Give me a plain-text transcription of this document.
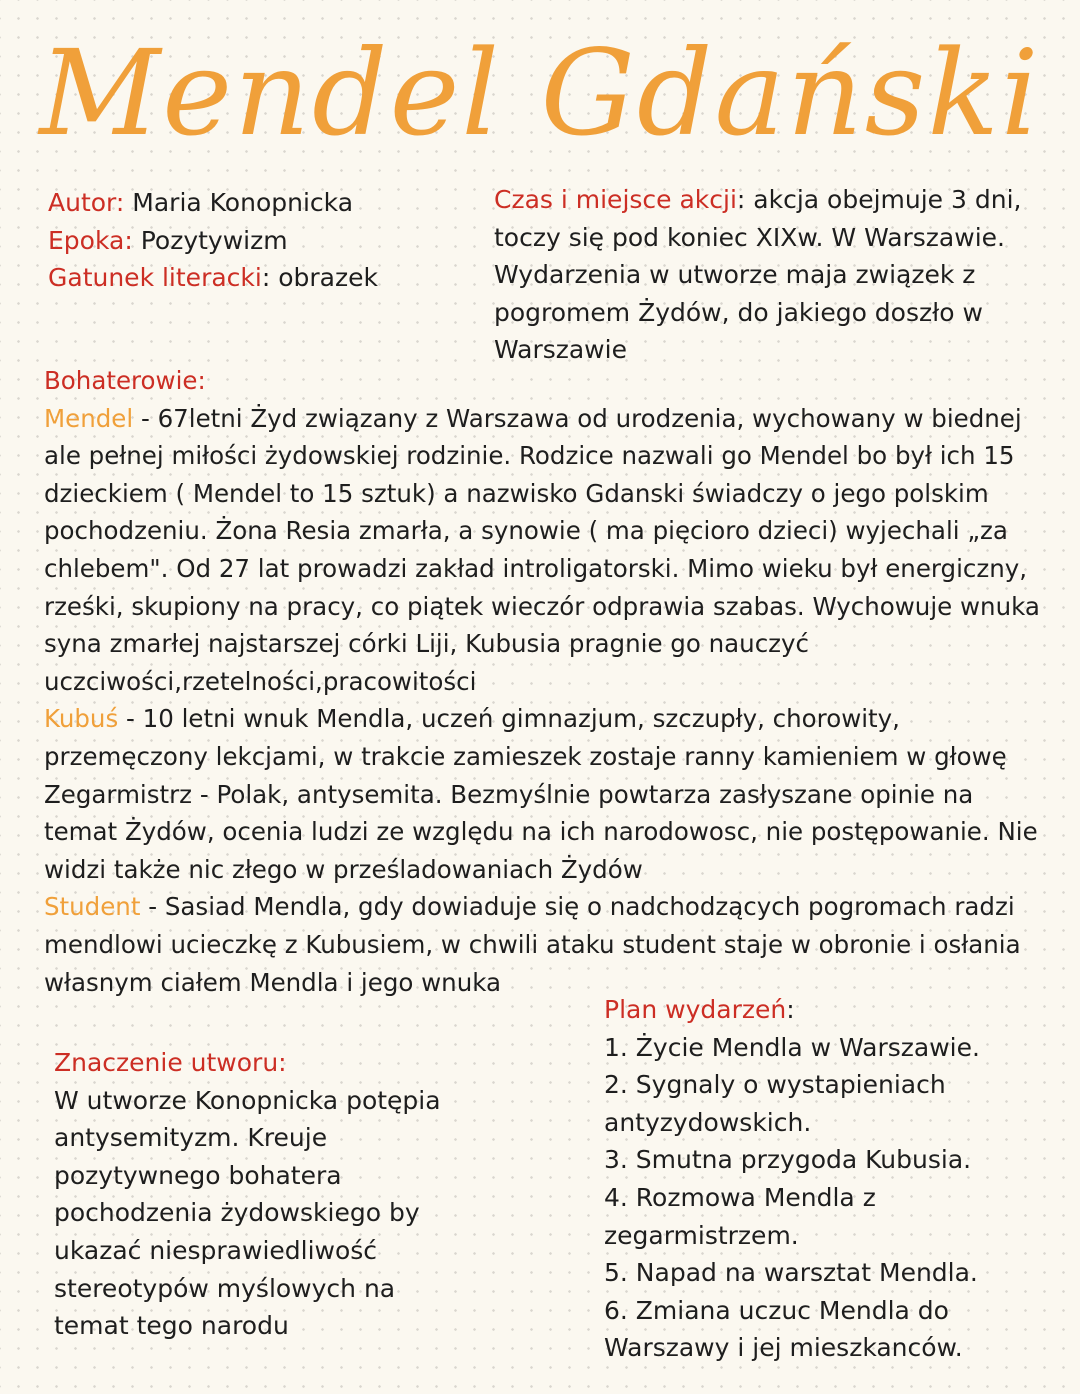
Mendel Gdański
Autor: Maria Konopnicka
Epoka: Pozytywizm
Gatunek literacki: obrazek
Czas i miejsce akcji: akcja obejmuje 3 dni,
toczy się pod koniec XIXw. W Warszawie.
Wydarzenia w utworze maja związek z
pogromem Żydów, do jakiego doszło w
Warszawie
Bohaterowie:
Mendel - 67letni Żyd związany z Warszawa od urodzenia, wychowany w biednej
ale pełnej miłości żydowskiej rodzinie. Rodzice nazwali go Mendel bo był ich 15
dzieckiem ( Mendel to 15 sztuk) a nazwisko Gdanski świadczy o jego polskim
pochodzeniu. Żona Resia zmarła, a synowie ( ma pięcioro dzieci) wyjechali „za
chlebem". Od 27 lat prowadzi zakład introligatorski. Mimo wieku był energiczny,
rześki, skupiony na pracy, co piątek wieczór odprawia szabas. Wychowuje wnuka
syna zmarłej najstarszej córki Liji, Kubusia pragnie go nauczyć
uczciwości,rzetelności,pracowitości
Kubuś - 10 letni wnuk Mendla, uczeń gimnazjum, szczupły, chorowity,
przemęczony lekcjami, w trakcie zamieszek zostaje ranny kamieniem w głowę
Zegarmistrz - Polak, antysemita. Bezmyślnie powtarza zasłyszane opinie na
temat Żydów, ocenia ludzi ze względu na ich narodowosc, nie postępowanie. Nie
widzi także nic złego w prześladowaniach Żydów
Student - Sasiad Mendla, gdy dowiaduje się o nadchodzących pogromach radzi
mendlowi ucieczkę z Kubusiem, w chwili ataku student staje w obronie i osłania
własnym ciałem Mendla i jego wnuka
Znaczenie utworu:
W utworze Konopnicka potępia
antysemityzm. Kreuje
pozytywnego bohatera
pochodzenia żydowskiego by
ukazać niesprawiedliwość
stereotypów myślowych na
temat tego narodu
Plan wydarzeń:
1. Życie Mendla w Warszawie.
2. Sygnaly o wystapieniach
antyzydowskich.
3. Smutna przygoda Kubusia.
4. Rozmowa Mendla z
zegarmistrzem.
5. Napad na warsztat Mendla.
6. Zmiana uczuc Mendla do
Warszawy i jej mieszkanców.
